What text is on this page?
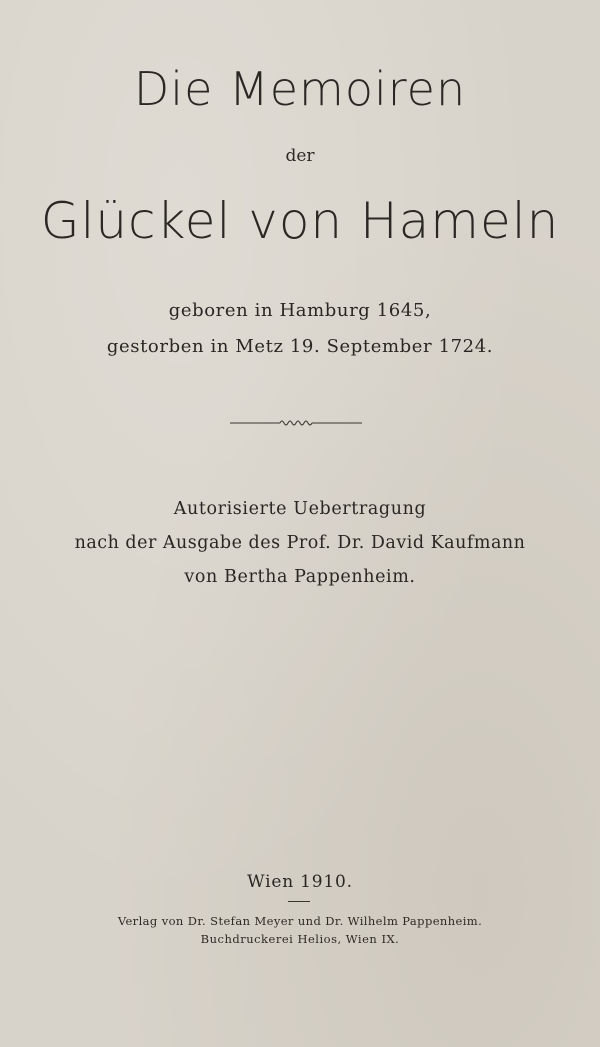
Die Memoiren
der
Glückel von Hameln
geboren in Hamburg 1645,
gestorben in Metz 19. September 1724.
Autorisierte Uebertragung
nach der Ausgabe des Prof. Dr. David Kaufmann
von Bertha Pappenheim.
Wien 1910.
Verlag von Dr. Stefan Meyer und Dr. Wilhelm Pappenheim.
Buchdruckerei Helios, Wien IX.
